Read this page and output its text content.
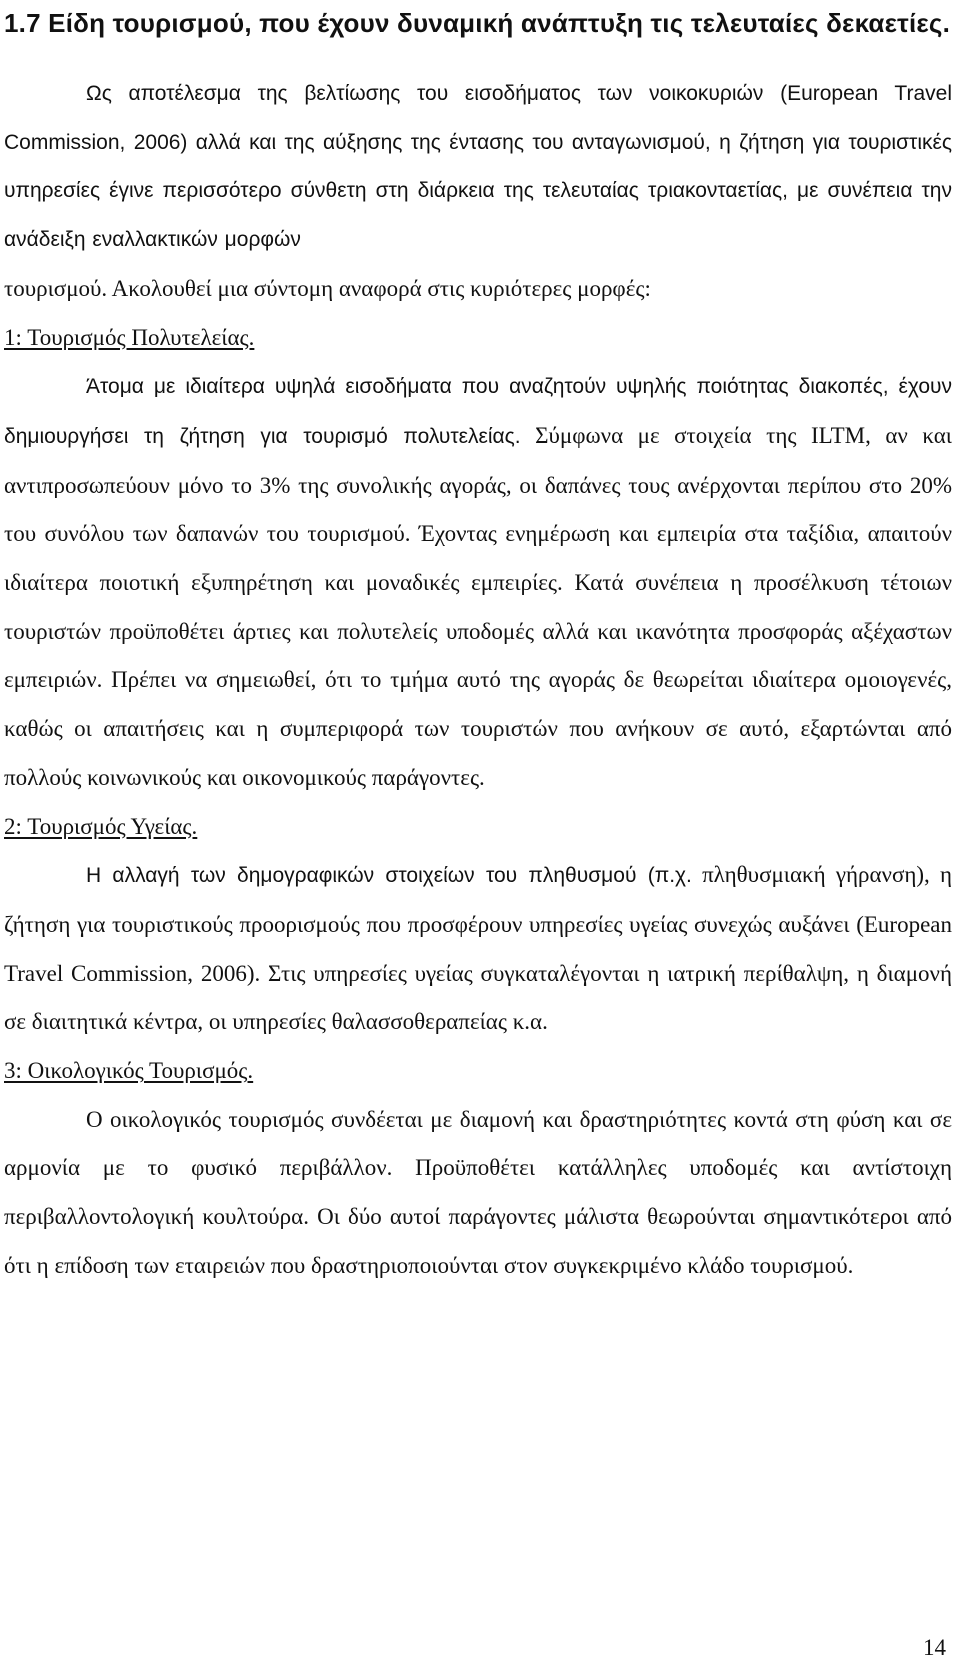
1.7 Είδη τουρισμού, που έχουν δυναμική ανάπτυξη τις τελευταίες δεκαετίες.

Ως αποτέλεσμα της βελτίωσης του εισοδήματος των νοικοκυριών (European Travel Commission, 2006) αλλά και της αύξησης της έντασης του ανταγωνισμού, η ζήτηση για τουριστικές υπηρεσίες έγινε περισσότερο σύνθετη στη διάρκεια της τελευταίας τριακονταετίας, με συνέπεια την ανάδειξη εναλλακτικών μορφών

τουρισμού. Ακολουθεί μια σύντομη αναφορά στις κυριότερες μορφές:

1: Τουρισμός Πολυτελείας.

Άτομα με ιδιαίτερα υψηλά εισοδήματα που αναζητούν υψηλής ποιότητας διακοπές, έχουν δημιουργήσει τη ζήτηση για τουρισμό πολυτελείας. Σύμφωνα με στοιχεία της ILTM, αν και αντιπροσωπεύουν μόνο το 3% της συνολικής αγοράς, οι δαπάνες τους ανέρχονται περίπου στο 20% του συνόλου των δαπανών του τουρισμού. Έχοντας ενημέρωση και εμπειρία στα ταξίδια, απαιτούν ιδιαίτερα ποιοτική εξυπηρέτηση και μοναδικές εμπειρίες. Κατά συνέπεια η προσέλκυση τέτοιων τουριστών προϋποθέτει άρτιες και πολυτελείς υποδομές αλλά και ικανότητα προσφοράς αξέχαστων εμπειριών. Πρέπει να σημειωθεί, ότι το τμήμα αυτό της αγοράς δε θεωρείται ιδιαίτερα ομοιογενές, καθώς οι απαιτήσεις και η συμπεριφορά των τουριστών που ανήκουν σε αυτό, εξαρτώνται από πολλούς κοινωνικούς και οικονομικούς παράγοντες.

2: Τουρισμός Υγείας.

Η αλλαγή των δημογραφικών στοιχείων του πληθυσμού (π.χ. πληθυσμιακή γήρανση), η ζήτηση για τουριστικούς προορισμούς που προσφέρουν υπηρεσίες υγείας συνεχώς αυξάνει (European Travel Commission, 2006). Στις υπηρεσίες υγείας συγκαταλέγονται η ιατρική περίθαλψη, η διαμονή σε διαιτητικά κέντρα, οι υπηρεσίες θαλασσοθεραπείας κ.α.

3: Οικολογικός Τουρισμός.

Ο οικολογικός τουρισμός συνδέεται με διαμονή και δραστηριότητες κοντά στη φύση και σε αρμονία με το φυσικό περιβάλλον. Προϋποθέτει κατάλληλες υποδομές και αντίστοιχη περιβαλλοντολογική κουλτούρα. Οι δύο αυτοί παράγοντες μάλιστα θεωρούνται σημαντικότεροι από ότι η επίδοση των εταιρειών που δραστηριοποιούνται στον συγκεκριμένο κλάδο τουρισμού.

14
